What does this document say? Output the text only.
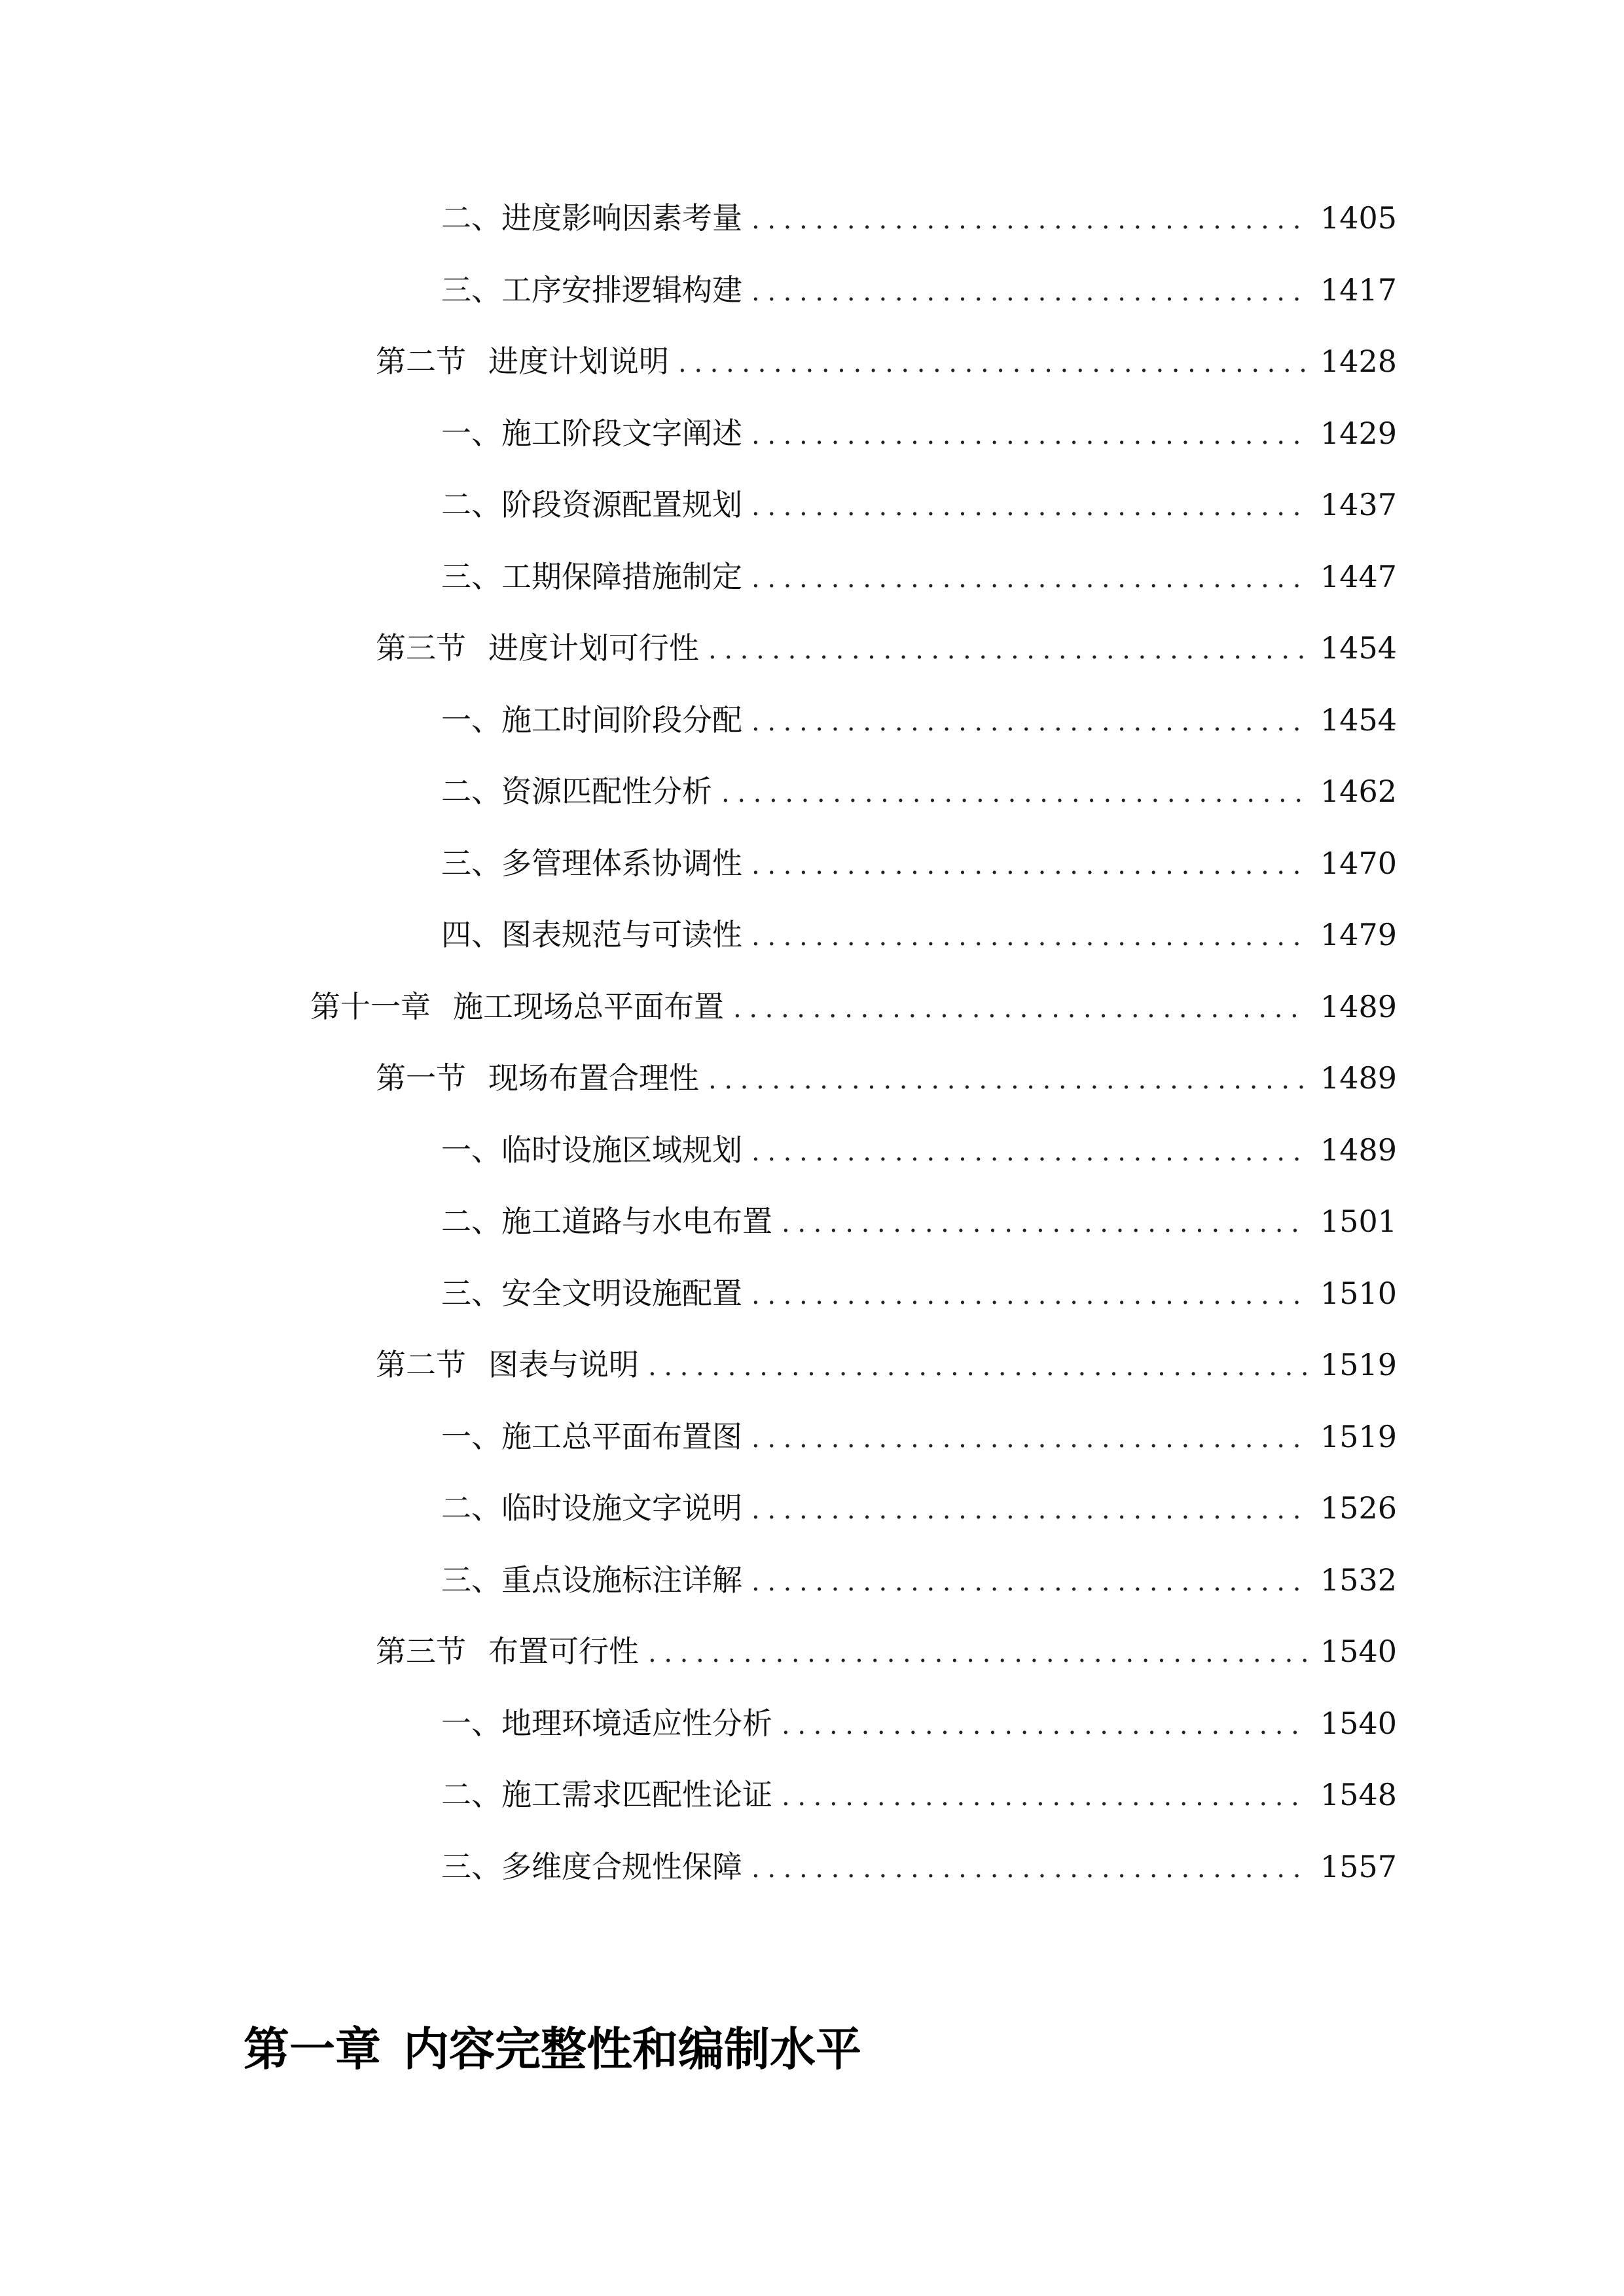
二、 进度影响因素考量 .....	1405
三、 工序安排逻辑构建 .....	1417
第二节 进度计划说明 .....	1428
一、 施工阶段文字阐述 .....	1429
二、 阶段资源配置规划 .....	1437
三、 工期保障措施制定 .....	1447
第三节 进度计划可行性 .....	1454
一、 施工时间阶段分配 .....	1454
二、 资源匹配性分析 .....	1462
三、 多管理体系协调性 .....	1470
四、 图表规范与可读性 .....	1479
第十一章 施工现场总平面布置 .....	1489
第一节 现场布置合理性 .....	1489
一、 临时设施区域规划 .....	1489
二、 施工道路与水电布置 .....	1501
三、 安全文明设施配置 .....	1510
第二节 图表与说明 .....	1519
一、 施工总平面布置图 .....	1519
二、 临时设施文字说明 .....	1526
三、 重点设施标注详解 .....	1532
第三节 布置可行性 .....	1540
一、 地理环境适应性分析 .....	1540
二、 施工需求匹配性论证 .....	1548
三、 多维度合规性保障 .....	1557
第一章 内容完整性和编制水平
